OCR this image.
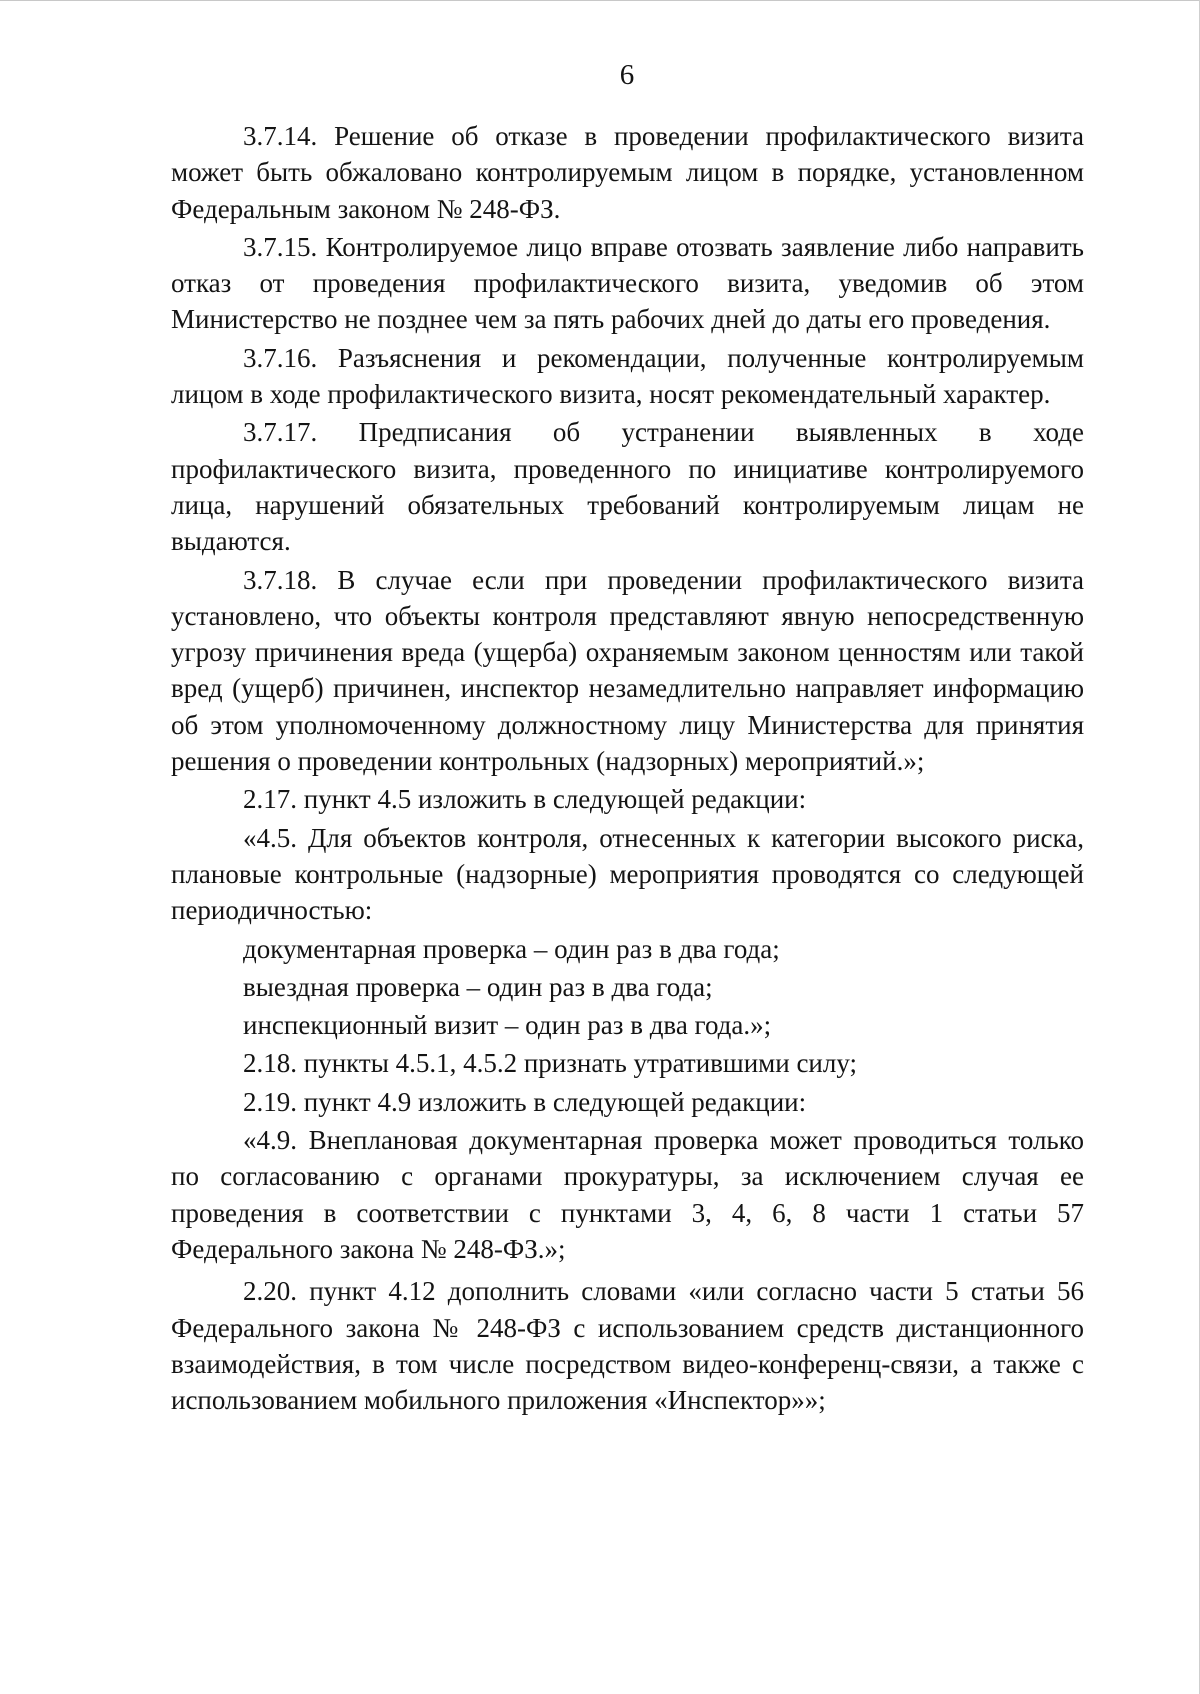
6

3.7.14. Решение об отказе в проведении профилактического визита может быть обжаловано контролируемым лицом в порядке, установленном Федеральным законом № 248-ФЗ.

3.7.15. Контролируемое лицо вправе отозвать заявление либо направить отказ от проведения профилактического визита, уведомив об этом Министерство не позднее чем за пять рабочих дней до даты его проведения.

3.7.16. Разъяснения и рекомендации, полученные контролируемым лицом в ходе профилактического визита, носят рекомендательный характер.

3.7.17. Предписания об устранении выявленных в ходе профилактического визита, проведенного по инициативе контролируемого лица, нарушений обязательных требований контролируемым лицам не выдаются.

3.7.18. В случае если при проведении профилактического визита установлено, что объекты контроля представляют явную непосредственную угрозу причинения вреда (ущерба) охраняемым законом ценностям или такой вред (ущерб) причинен, инспектор незамедлительно направляет информацию об этом уполномоченному должностному лицу Министерства для принятия решения о проведении контрольных (надзорных) мероприятий.»;

2.17. пункт 4.5 изложить в следующей редакции:

«4.5. Для объектов контроля, отнесенных к категории высокого риска, плановые контрольные (надзорные) мероприятия проводятся со следующей периодичностью:

документарная проверка – один раз в два года;

выездная проверка – один раз в два года;

инспекционный визит – один раз в два года.»;

2.18. пункты 4.5.1, 4.5.2 признать утратившими силу;

2.19. пункт 4.9 изложить в следующей редакции:

«4.9. Внеплановая документарная проверка может проводиться только по согласованию с органами прокуратуры, за исключением случая ее проведения в соответствии с пунктами 3, 4, 6, 8 части 1 статьи 57 Федерального закона № 248-ФЗ.»;

2.20. пункт 4.12 дополнить словами «или согласно части 5 статьи 56 Федерального закона № 248-ФЗ с использованием средств дистанционного взаимодействия, в том числе посредством видео-конференц-связи, а также с использованием мобильного приложения «Инспектор»»;
